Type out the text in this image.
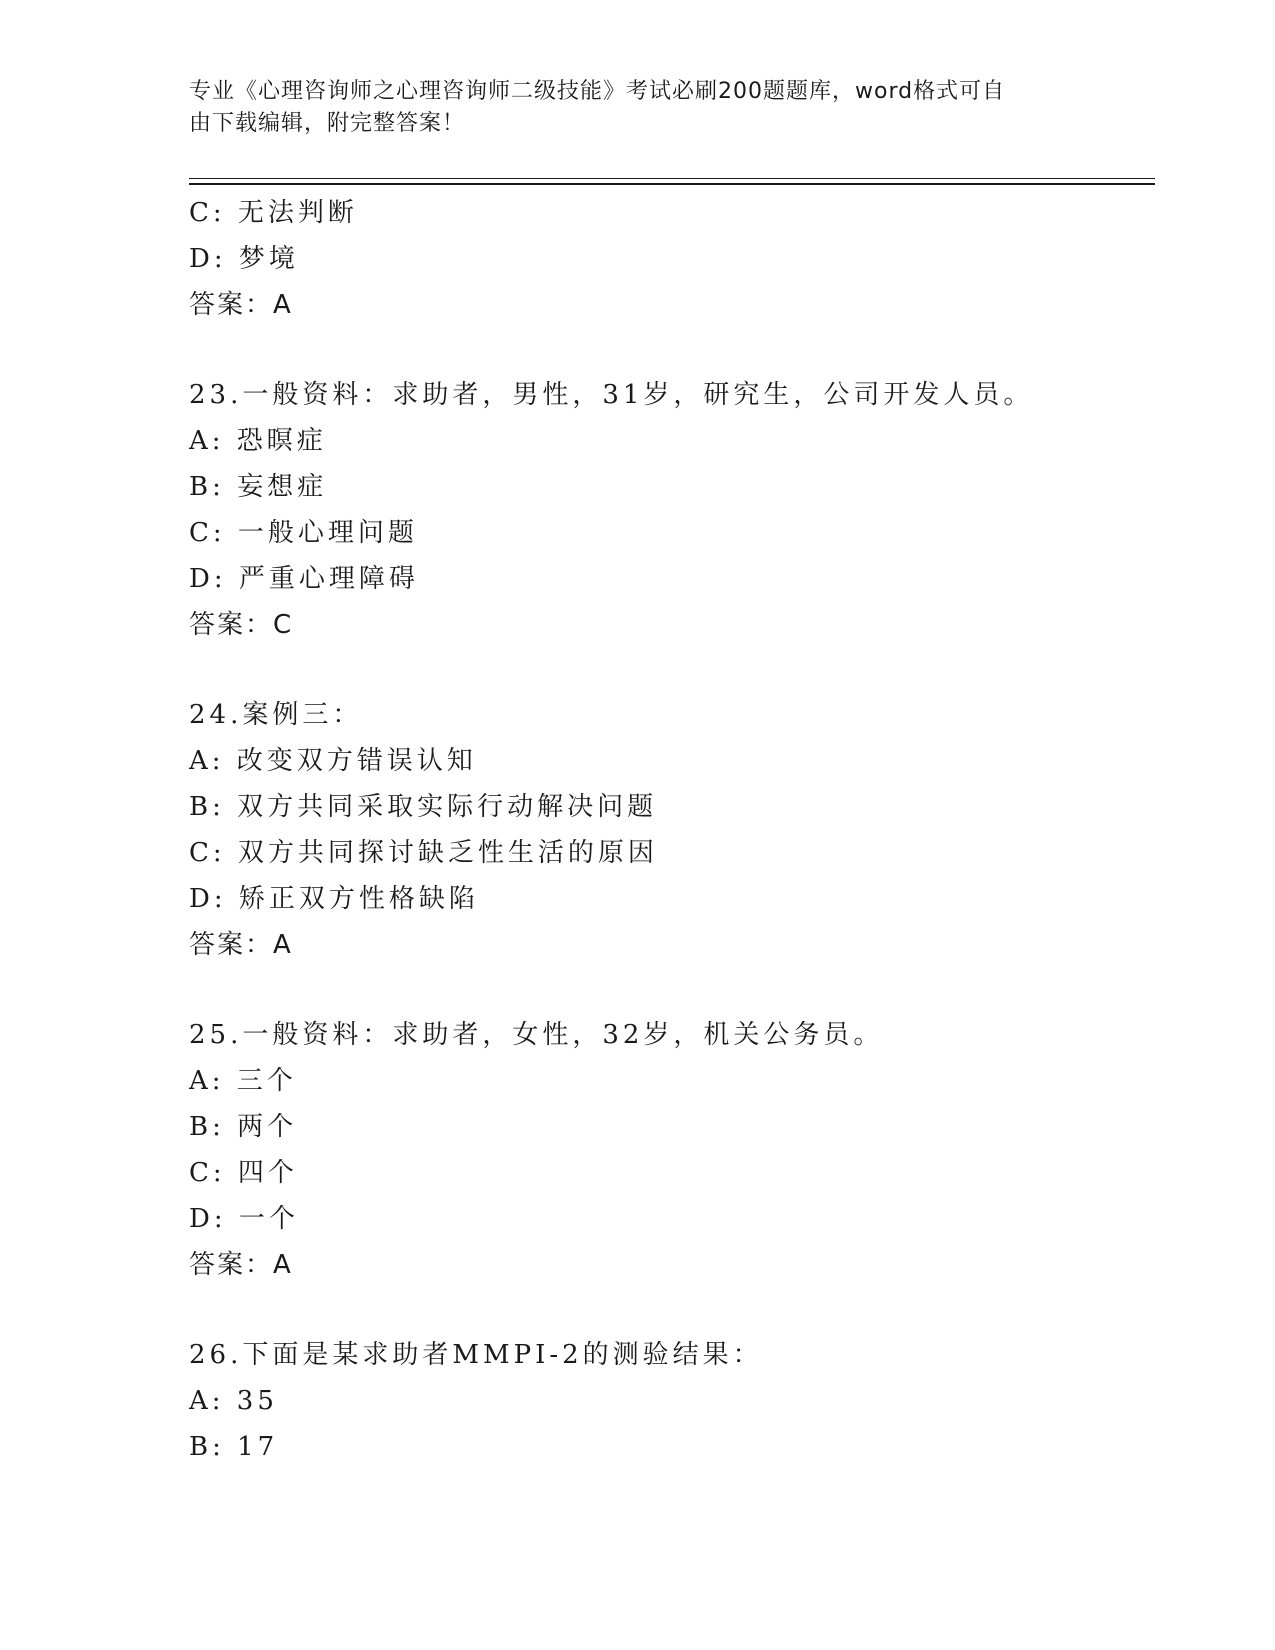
专业《心理咨询师之心理咨询师二级技能》考试必刷200题题库，word格式可自
由下载编辑，附完整答案！
C: 无法判断
D: 梦境
答案：A
23.一般资料：求助者，男性，31岁，研究生，公司开发人员。
A: 恐暝症
B: 妄想症
C: 一般心理问题
D: 严重心理障碍
答案：C
24.案例三：
A: 改变双方错误认知
B: 双方共同采取实际行动解决问题
C: 双方共同探讨缺乏性生活的原因
D: 矫正双方性格缺陷
答案：A
25.一般资料：求助者，女性，32岁，机关公务员。
A: 三个
B: 两个
C: 四个
D: 一个
答案：A
26.下面是某求助者MMPI-2的测验结果：
A: 35
B: 17
